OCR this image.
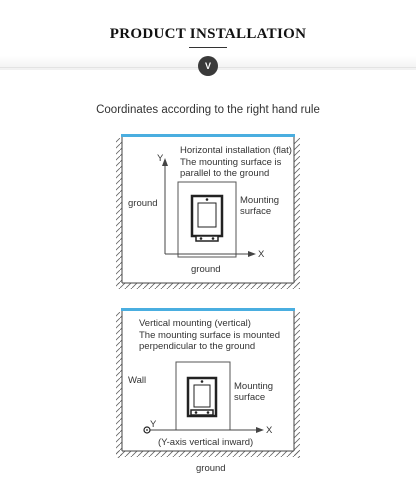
PRODUCT INSTALLATION
V
Coordinates according to the right hand rule
Horizontal installation (flat)
The mounting surface is
parallel to the ground
Y
X
ground	Mounting
surface
ground
Vertical mounting (vertical)
The mounting surface is mounted
perpendicular to the ground
Wall
Mounting
surface
Y
X
(Y-axis vertical inward)
ground
